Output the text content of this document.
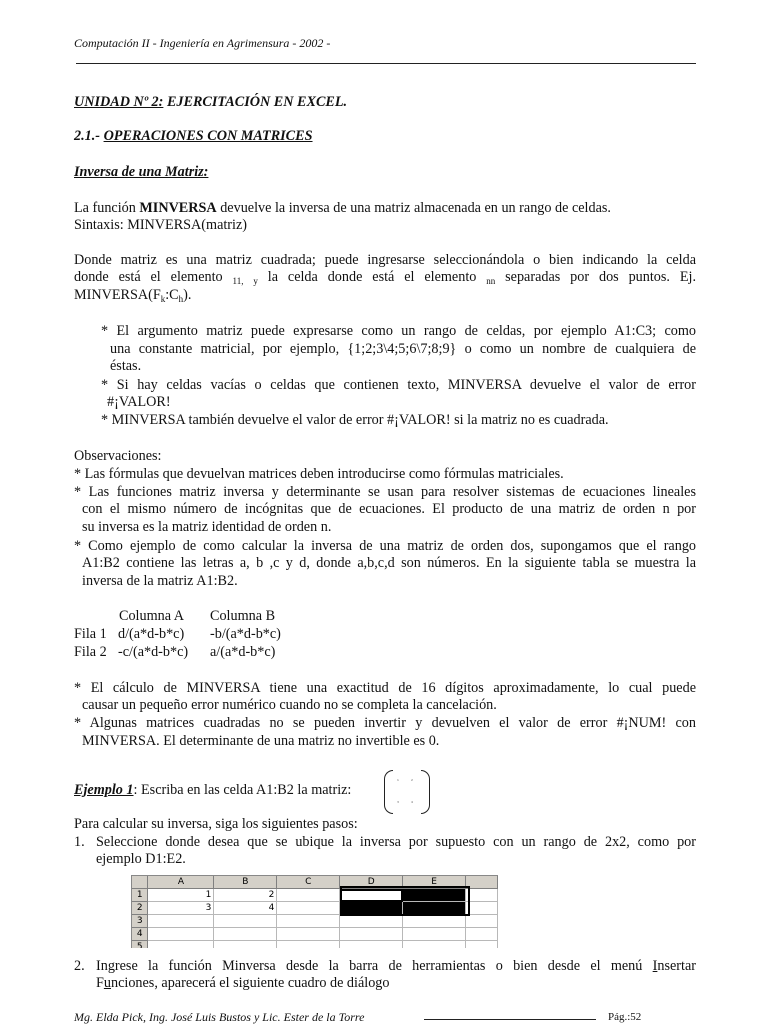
Computación II - Ingeniería en Agrimensura - 2002 -
UNIDAD Nº 2: EJERCITACIÓN EN EXCEL.
2.1.- OPERACIONES CON MATRICES
Inversa de una Matriz:
La función MINVERSA devuelve la inversa de una matriz almacenada en un rango de celdas.
Sintaxis: MINVERSA(matriz)
Donde matriz es una matriz cuadrada; puede ingresarse seleccionándola o bien indicando la celda
donde está el elemento $_{11,}$ $_y$ la celda donde está el elemento $_{nn}$ separadas por dos puntos. Ej.
$MINVERSA(F_k:C_h)$.
* El argumento matriz puede expresarse como un rango de celdas, por ejemplo A1:C3; como
una constante matricial, por ejemplo, {1;2;3\4;5;6\7;8;9} o como un nombre de cualquiera de
éstas.
* Si hay celdas vacías o celdas que contienen texto, MINVERSA devuelve el valor de error
#¡VALOR!
* MINVERSA también devuelve el valor de error #¡VALOR! si la matriz no es cuadrada.
Observaciones:
* Las fórmulas que devuelvan matrices deben introducirse como fórmulas matriciales.
* Las funciones matriz inversa y determinante se usan para resolver sistemas de ecuaciones lineales
con el mismo número de incógnitas que de ecuaciones. El producto de una matriz de orden n por
su inversa es la matriz identidad de orden n.
* Como ejemplo de como calcular la inversa de una matriz de orden dos, supongamos que el rango
A1:B2 contiene las letras a, b ,c y d, donde a,b,c,d son números. En la siguiente tabla se muestra la
inversa de la matriz A1:B2.
Columna A Columna B
Fila 1 d/(a*d-b*c) -b/(a*d-b*c)
Fila 2 -c/(a*d-b*c) a/(a*d-b*c)
* El cálculo de MINVERSA tiene una exactitud de 16 dígitos aproximadamente, lo cual puede
causar un pequeño error numérico cuando no se completa la cancelación.
* Algunas matrices cuadradas no se pueden invertir y devuelven el valor de error #¡NUM! con
MINVERSA. El determinante de una matriz no invertible es 0.
Ejemplo 1: Escriba en las celda A1:B2 la matriz:
1	2
3	4
Para calcular su inversa, siga los siguientes pasos:
1. Seleccione donde desea que se ubique la inversa por supuesto con un rango de 2x2, como por
ejemplo D1:E2.
	A	B	C	D	E	
1	1	2				
2	3	4				
3						
4						
5						
2. Ingrese la función Minversa desde la barra de herramientas o bien desde el menú Insertar
Funciones, aparecerá el siguiente cuadro de diálogo
Mg. Elda Pick, Ing. José Luis Bustos y Lic. Ester de la Torre	Pág.:52
